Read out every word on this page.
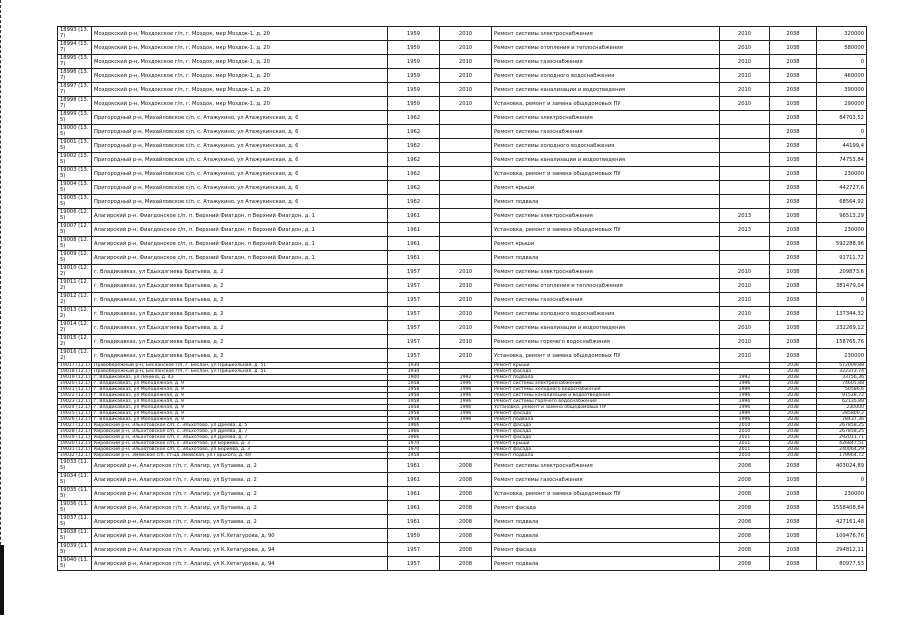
18993 (13.7)	Моздокский р-н, Моздокское г/п, г. Моздок, мкр Моздок-1, д. 20	1959	2010	Ремонт системы электроснабжения	2010	2038	320000
18994 (13.7)	Моздокский р-н, Моздокское г/п, г. Моздок, мкр Моздок-1, д. 20	1959	2010	Ремонт системы отопления и теплоснабжения	2010	2038	580000
18995 (13.7)	Моздокский р-н, Моздокское г/п, г. Моздок, мкр Моздок-1, д. 20	1959	2010	Ремонт системы газоснабжения	2010	2038	0
18996 (13.7)	Моздокский р-н, Моздокское г/п, г. Моздок, мкр Моздок-1, д. 20	1959	2010	Ремонт системы холодного водоснабжения	2010	2038	460000
18997 (13.7)	Моздокский р-н, Моздокское г/п, г. Моздок, мкр Моздок-1, д. 20	1959	2010	Ремонт системы канализации и водоотведения	2010	2038	390000
18998 (13.7)	Моздокский р-н, Моздокское г/п, г. Моздок, мкр Моздок-1, д. 20	1959	2010	Установка, ремонт и замена общедомовых ПУ	2010	2038	290000
18999 (13.5)	Пригородный р-н, Михайловское с/п, с. Атажукино, ул Атажукинская, д. 6	1962		Ремонт системы электроснабжения		2038	84703,52
19000 (13.5)	Пригородный р-н, Михайловское с/п, с. Атажукино, ул Атажукинская, д. 6	1962		Ремонт системы газоснабжения		2038	0
19001 (13.5)	Пригородный р-н, Михайловское с/п, с. Атажукино, ул Атажукинская, д. 6	1962		Ремонт системы холодного водоснабжения		2038	44199,4
19002 (13.5)	Пригородный р-н, Михайловское с/п, с. Атажукино, ул Атажукинская, д. 6	1962		Ремонт системы канализации и водоотведения		2038	74753,84
19003 (13.5)	Пригородный р-н, Михайловское с/п, с. Атажукино, ул Атажукинская, д. 6	1962		Установка, ремонт и замена общедомовых ПУ		2038	230000
19004 (13.5)	Пригородный р-н, Михайловское с/п, с. Атажукино, ул Атажукинская, д. 6	1962		Ремонт крыши		2038	442727,6
19005 (13.5)	Пригородный р-н, Михайловское с/п, с. Атажукино, ул Атажукинская, д. 6	1962		Ремонт подвала		2038	68564,92
19006 (12.5)	Алагирский р-н, Фиагдонское с/п, п. Верхний Фиагдон, п Верхний Фиагдон, д. 1	1961		Ремонт системы электроснабжения	2013	2038	96513,29
19007 (12.5)	Алагирский р-н, Фиагдонское с/п, п. Верхний Фиагдон, п Верхний Фиагдон, д. 1	1961		Установка, ремонт и замена общедомовых ПУ	2013	2038	230000
19008 (12.5)	Алагирский р-н, Фиагдонское с/п, п. Верхний Фиагдон, п Верхний Фиагдон, д. 1	1961		Ремонт крыши		2038	592288,96
19009 (12.5)	Алагирский р-н, Фиагдонское с/п, п. Верхний Фиагдон, п Верхний Фиагдон, д. 1	1961		Ремонт подвала		2038	91711,72
19010 (12.2)	г. Владикавказ, ул Едыхдзгиева Братьева, д. 2	1957	2010	Ремонт системы электроснабжения	2010	2038	209873,6
19011 (12.2)	г. Владикавказ, ул Едыхдзгиева Братьева, д. 2	1957	2010	Ремонт системы отопления и теплоснабжения	2010	2038	381479,04
19012 (12.2)	г. Владикавказ, ул Едыхдзгиева Братьева, д. 2	1957	2010	Ремонт системы газоснабжения	2010	2038	0
19013 (12.2)	г. Владикавказ, ул Едыхдзгиева Братьева, д. 2	1957	2010	Ремонт системы холодного водоснабжения	2010	2038	137344,32
19014 (12.2)	г. Владикавказ, ул Едыхдзгиева Братьева, д. 2	1957	2010	Ремонт системы канализации и водоотведения	2010	2038	232269,12
19015 (12.2)	г. Владикавказ, ул Едыхдзгиева Братьева, д. 2	1957	2010	Ремонт системы горячего водоснабжения	2010	2038	158765,76
19016 (12.2)	г. Владикавказ, ул Едыхдзгиева Братьева, д. 2	1957	2010	Установка, ремонт и замена общедомовых ПУ	2010	2038	230000
19017 (12.1)	Правобережный р-н, Бесланское г/п, г. Беслан, ул Пришкольная, д. 51	1930		Ремонт крыши		2038	572009,88
19018 (12.1)	Правобережный р-н, Бесланское г/п, г. Беслан, ул Пришкольная, д. 51	1930		Ремонт фасада		2038	322373,74
19019 (12.1)	г. Владикавказ, ул Ленина, д. 43	1900	1992	Ремонт подвала	1992	2038	33756,36
19020 (12.1)	г. Владикавказ, ул Молодежная, д. 9	1958	1996	Ремонт системы электроснабжения	1996	2038	74605,88
19021 (12.1)	г. Владикавказ, ул Молодежная, д. 9	1958	1996	Ремонт системы холодного водоснабжения	1996	2038	50586,6
19022 (12.1)	г. Владикавказ, ул Молодежная, д. 9	1958	1996	Ремонт системы канализации и водоотведения	1996	2038	91528,72
19023 (12.1)	г. Владикавказ, ул Молодежная, д. 9	1958	1996	Ремонт системы горячего водоснабжения	1996	2038	62135,88
19024 (12.1)	г. Владикавказ, ул Молодежная, д. 9	1958	1996	Установка, ремонт и замена общедомовых ПУ	1996	2038	230000
19025 (12.1)	г. Владикавказ, ул Молодежная, д. 9	1958	1996	Ремонт фасада	1996	2038	285800,2
19026 (12.1)	г. Владикавказ, ул Молодежная, д. 9	1958	1996	Ремонт подвала	1996	2038	78437,36
19027 (12.1)	Кировский р-н, Эльхотовское с/п, с. Эльхотово, ул Дреева, д. 5	1966		Ремонт фасада	2010	2038	267858,25
19028 (12.1)	Кировский р-н, Эльхотовское с/п, с. Эльхотово, ул Дреева, д. 7	1966		Ремонт фасада	2010	2038	267858,25
19029 (12.1)	Кировский р-н, Эльхотовское с/п, с. Эльхотово, ул Дреева, д. 7	1966		Ремонт фасада	2011	2038	292011,71
19030 (12.1)	Кировский р-н, Эльхотовское с/п, с. Эльхотово, ул Бориева, д. 3	1970		Ремонт крыши	2011	2038	426847,51
19031 (12.1)	Кировский р-н, Эльхотовское с/п, с. Эльхотово, ул Бориева, д. 3	1970		Ремонт фасада	2011	2038	240064,29
19032 (12.1)	Кировский р-н, Змейское с/п, ст-ца Змейская, ул Горького, д. 49	1958		Ремонт подвала	2010	2038	179964,72
19033 (11.5)	Алагирский р-н, Алагирское г/п, г. Алагир, ул Бутаева, д. 2	1961	2008	Ремонт системы электроснабжения	2008	2038	403024,89
19034 (11.5)	Алагирский р-н, Алагирское г/п, г. Алагир, ул Бутаева, д. 2	1961	2008	Ремонт системы газоснабжения	2008	2038	0
19035 (11.5)	Алагирский р-н, Алагирское г/п, г. Алагир, ул Бутаева, д. 2	1961	2008	Установка, ремонт и замена общедомовых ПУ	2008	2038	230000
19036 (11.5)	Алагирский р-н, Алагирское г/п, г. Алагир, ул Бутаева, д. 2	1961	2008	Ремонт фасада	2008	2038	1558408,84
19037 (11.5)	Алагирский р-н, Алагирское г/п, г. Алагир, ул Бутаева, д. 2	1961	2008	Ремонт подвала	2008	2038	427161,48
19038 (11.5)	Алагирский р-н, Алагирское г/п, г. Алагир, ул К.Хетагурова, д. 90	1959	2008	Ремонт подвала	2008	2038	109476,76
19039 (11.5)	Алагирский р-н, Алагирское г/п, г. Алагир, ул К.Хетагурова, д. 94	1957	2008	Ремонт фасада	2008	2038	294812,11
19040 (11.5)	Алагирский р-н, Алагирское г/п, г. Алагир, ул К.Хетагурова, д. 94	1957	2008	Ремонт подвала	2008	2038	80977,53
